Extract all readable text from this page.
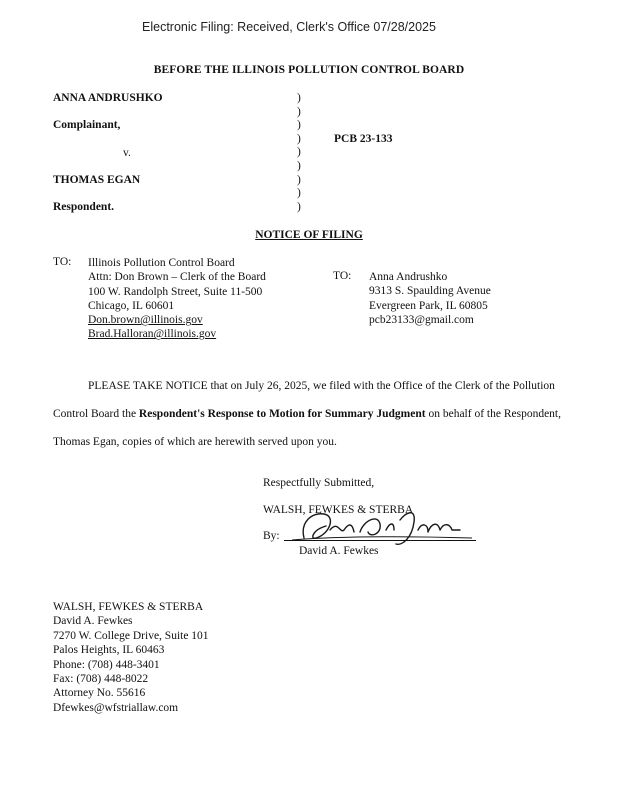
Electronic Filing: Received, Clerk's Office 07/28/2025
BEFORE THE ILLINOIS POLLUTION CONTROL BOARD
ANNA ANDRUSHKO
Complainant,
v.
THOMAS EGAN
Respondent.
)
)
)
)
)
)
)
)
)
PCB 23-133
NOTICE OF FILING
TO: Illinois Pollution Control Board
Attn: Don Brown – Clerk of the Board
100 W. Randolph Street, Suite 11-500
Chicago, IL 60601
Don.brown@illinois.gov
Brad.Halloran@illinois.gov
TO: Anna Andrushko
9313 S. Spaulding Avenue
Evergreen Park, IL 60805
pcb23133@gmail.com
PLEASE TAKE NOTICE that on July 26, 2025, we filed with the Office of the Clerk of the Pollution
Control Board the Respondent's Response to Motion for Summary Judgment on behalf of the Respondent,
Thomas Egan, copies of which are herewith served upon you.
Respectfully Submitted,
WALSH, FEWKES & STERBA
By:
David A. Fewkes
WALSH, FEWKES & STERBA
David A. Fewkes
7270 W. College Drive, Suite 101
Palos Heights, IL 60463
Phone: (708) 448-3401
Fax: (708) 448-8022
Attorney No. 55616
Dfewkes@wfstriallaw.com
